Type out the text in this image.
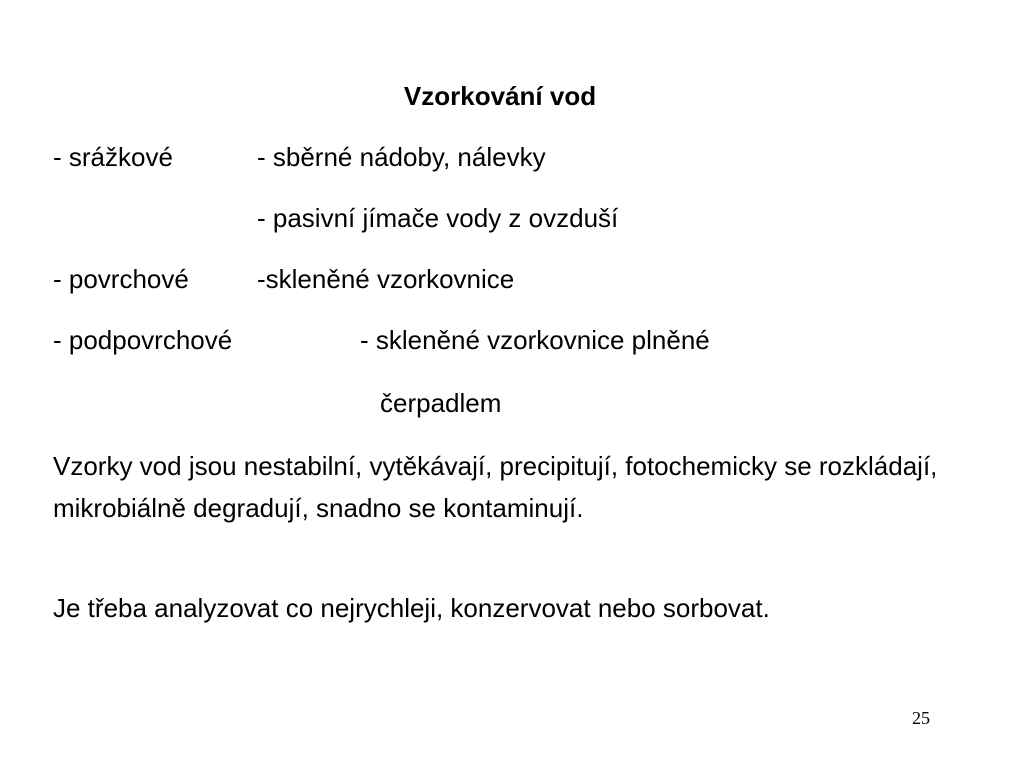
Vzorkování vod
- srážkové	- sběrné nádoby, nálevky
- pasivní jímače vody z ovzduší
- povrchové	-skleněné vzorkovnice
- podpovrchové	- skleněné vzorkovnice plněné
čerpadlem
Vzorky vod jsou nestabilní, vytěkávají, precipitují, fotochemicky se rozkládají, mikrobiálně degradují, snadno se kontaminují.
Je třeba analyzovat co nejrychleji, konzervovat nebo sorbovat.
25
